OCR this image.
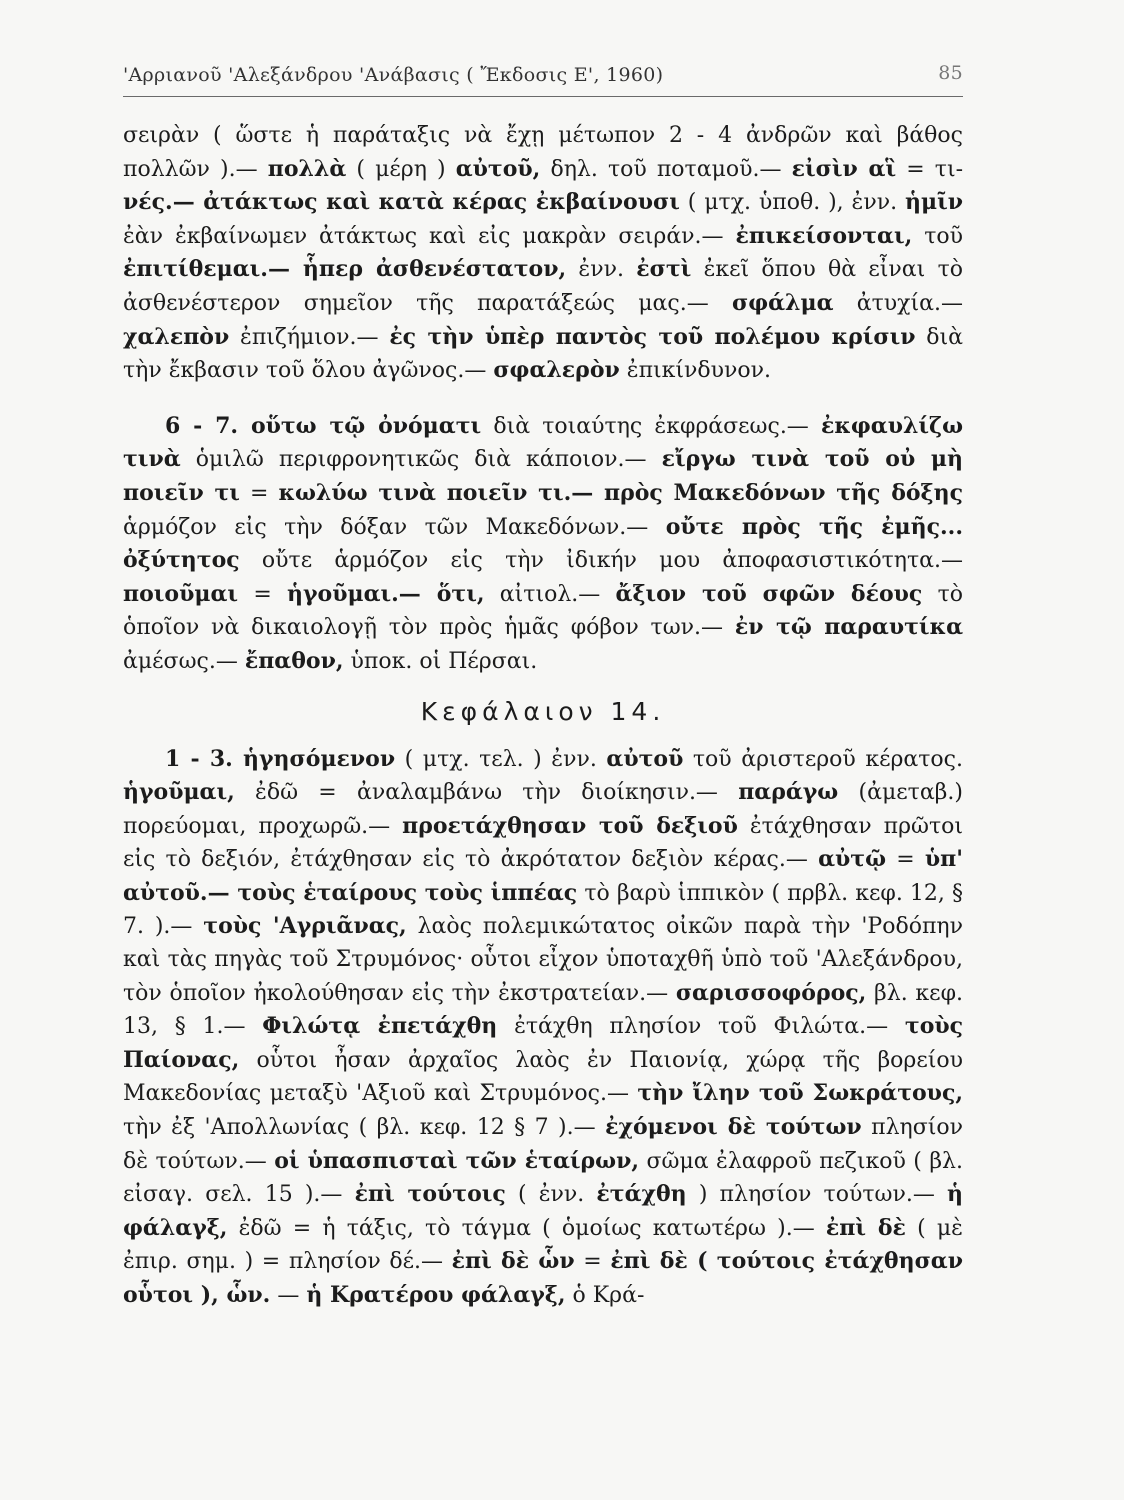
'Αρριανοῦ 'Αλεξάνδρου 'Ανάβασις ( Ἔκδοσις Ε', 1960)	85

σειρὰν ( ὥστε ἡ παράταξις νὰ ἔχῃ μέτωπον 2 - 4 ἀνδρῶν καὶ βάθος πολλῶν ).— πολλὰ ( μέρη ) αὐτοῦ, δηλ. τοῦ ποταμοῦ.— εἰσὶν αἳ = τι- νές.— ἀτάκτως καὶ κατὰ κέρας ἐκβαίνουσι ( μτχ. ὑποθ. ), ἐνν. ἡμῖν ἐὰν ἐκβαίνωμεν ἀτάκτως καὶ εἰς μακρὰν σειράν.— ἐπικείσονται, τοῦ ἐπιτίθεμαι.— ἧπερ ἀσθενέστατον, ἐνν. ἐστὶ ἐκεῖ ὅπου θὰ εἶναι τὸ ἀσθενέστερον σημεῖον τῆς παρατάξεώς μας.— σφάλμα ἀτυχία.— χαλεπὸν ἐπιζήμιον.— ἐς τὴν ὑπὲρ παντὸς τοῦ πολέμου κρίσιν διὰ τὴν ἔκβασιν τοῦ ὅλου ἀγῶνος.— σφαλερὸν ἐπικίνδυνον.

6 - 7. οὕτω τῷ ὀνόματι διὰ τοιαύτης ἐκφράσεως.— ἐκφαυλίζω τινὰ ὁμιλῶ περιφρονητικῶς διὰ κάποιον.— εἴργω τινὰ τοῦ οὐ μὴ ποιεῖν τι = κωλύω τινὰ ποιεῖν τι.— πρὸς Μακεδόνων τῆς δόξης ἁρμόζον εἰς τὴν δόξαν τῶν Μακεδόνων.— οὔτε πρὸς τῆς ἐμῆς... ὀξύτητος οὔτε ἁρμόζον εἰς τὴν ἰδικήν μου ἀποφασιστικότητα.— ποιοῦμαι = ἡγοῦμαι.— ὅτι, αἰτιολ.— ἄξιον τοῦ σφῶν δέους τὸ ὁποῖον νὰ δικαιολογῇ τὸν πρὸς ἡμᾶς φόβον των.— ἐν τῷ παραυτίκα ἀμέσως.— ἔπαθον, ὑποκ. οἱ Πέρσαι.

Κεφάλαιον 14.

1 - 3. ἡγησόμενον ( μτχ. τελ. ) ἐνν. αὐτοῦ τοῦ ἀριστεροῦ κέρατος. ἡγοῦμαι, ἐδῶ = ἀναλαμβάνω τὴν διοίκησιν.— παράγω (ἀμεταβ.) πορεύομαι, προχωρῶ.— προετάχθησαν τοῦ δεξιοῦ ἐτάχθησαν πρῶτοι εἰς τὸ δεξιόν, ἐτάχθησαν εἰς τὸ ἀκρότατον δεξιὸν κέρας.— αὐτῷ = ὑπ' αὐτοῦ.— τοὺς ἑταίρους τοὺς ἱππέας τὸ βαρὺ ἱππικὸν ( πρβλ. κεφ. 12, § 7. ).— τοὺς 'Αγριᾶνας, λαὸς πολεμικώτατος οἰκῶν παρὰ τὴν 'Ροδόπην καὶ τὰς πηγὰς τοῦ Στρυμόνος· οὗτοι εἶχον ὑποταχθῆ ὑπὸ τοῦ 'Αλεξάνδρου, τὸν ὁποῖον ἠκολούθησαν εἰς τὴν ἐκστρατείαν.— σαρισσοφόρος, βλ. κεφ. 13, § 1.— Φιλώτᾳ ἐπετάχθη ἐτάχθη πλησίον τοῦ Φιλώτα.— τοὺς Παίονας, οὗτοι ἦσαν ἀρχαῖος λαὸς ἐν Παιονίᾳ, χώρᾳ τῆς βορείου Μακεδονίας μεταξὺ 'Αξιοῦ καὶ Στρυμόνος.— τὴν ἴλην τοῦ Σωκράτους, τὴν ἐξ 'Απολλωνίας ( βλ. κεφ. 12 § 7 ).— ἐχόμενοι δὲ τούτων πλησίον δὲ τούτων.— οἱ ὑπασπισταὶ τῶν ἑταίρων, σῶμα ἐλαφροῦ πεζικοῦ ( βλ. εἰσαγ. σελ. 15 ).— ἐπὶ τούτοις ( ἐνν. ἐτάχθη ) πλησίον τούτων.— ἡ φάλαγξ, ἐδῶ = ἡ τάξις, τὸ τάγμα ( ὁμοίως κατωτέρω ).— ἐπὶ δὲ ( μὲ ἐπιρ. σημ. ) = πλησίον δέ.— ἐπὶ δὲ ὧν = ἐπὶ δὲ ( τούτοις ἐτάχθησαν οὗτοι ), ὧν. — ἡ Κρατέρου φάλαγξ, ὁ Κρά-
